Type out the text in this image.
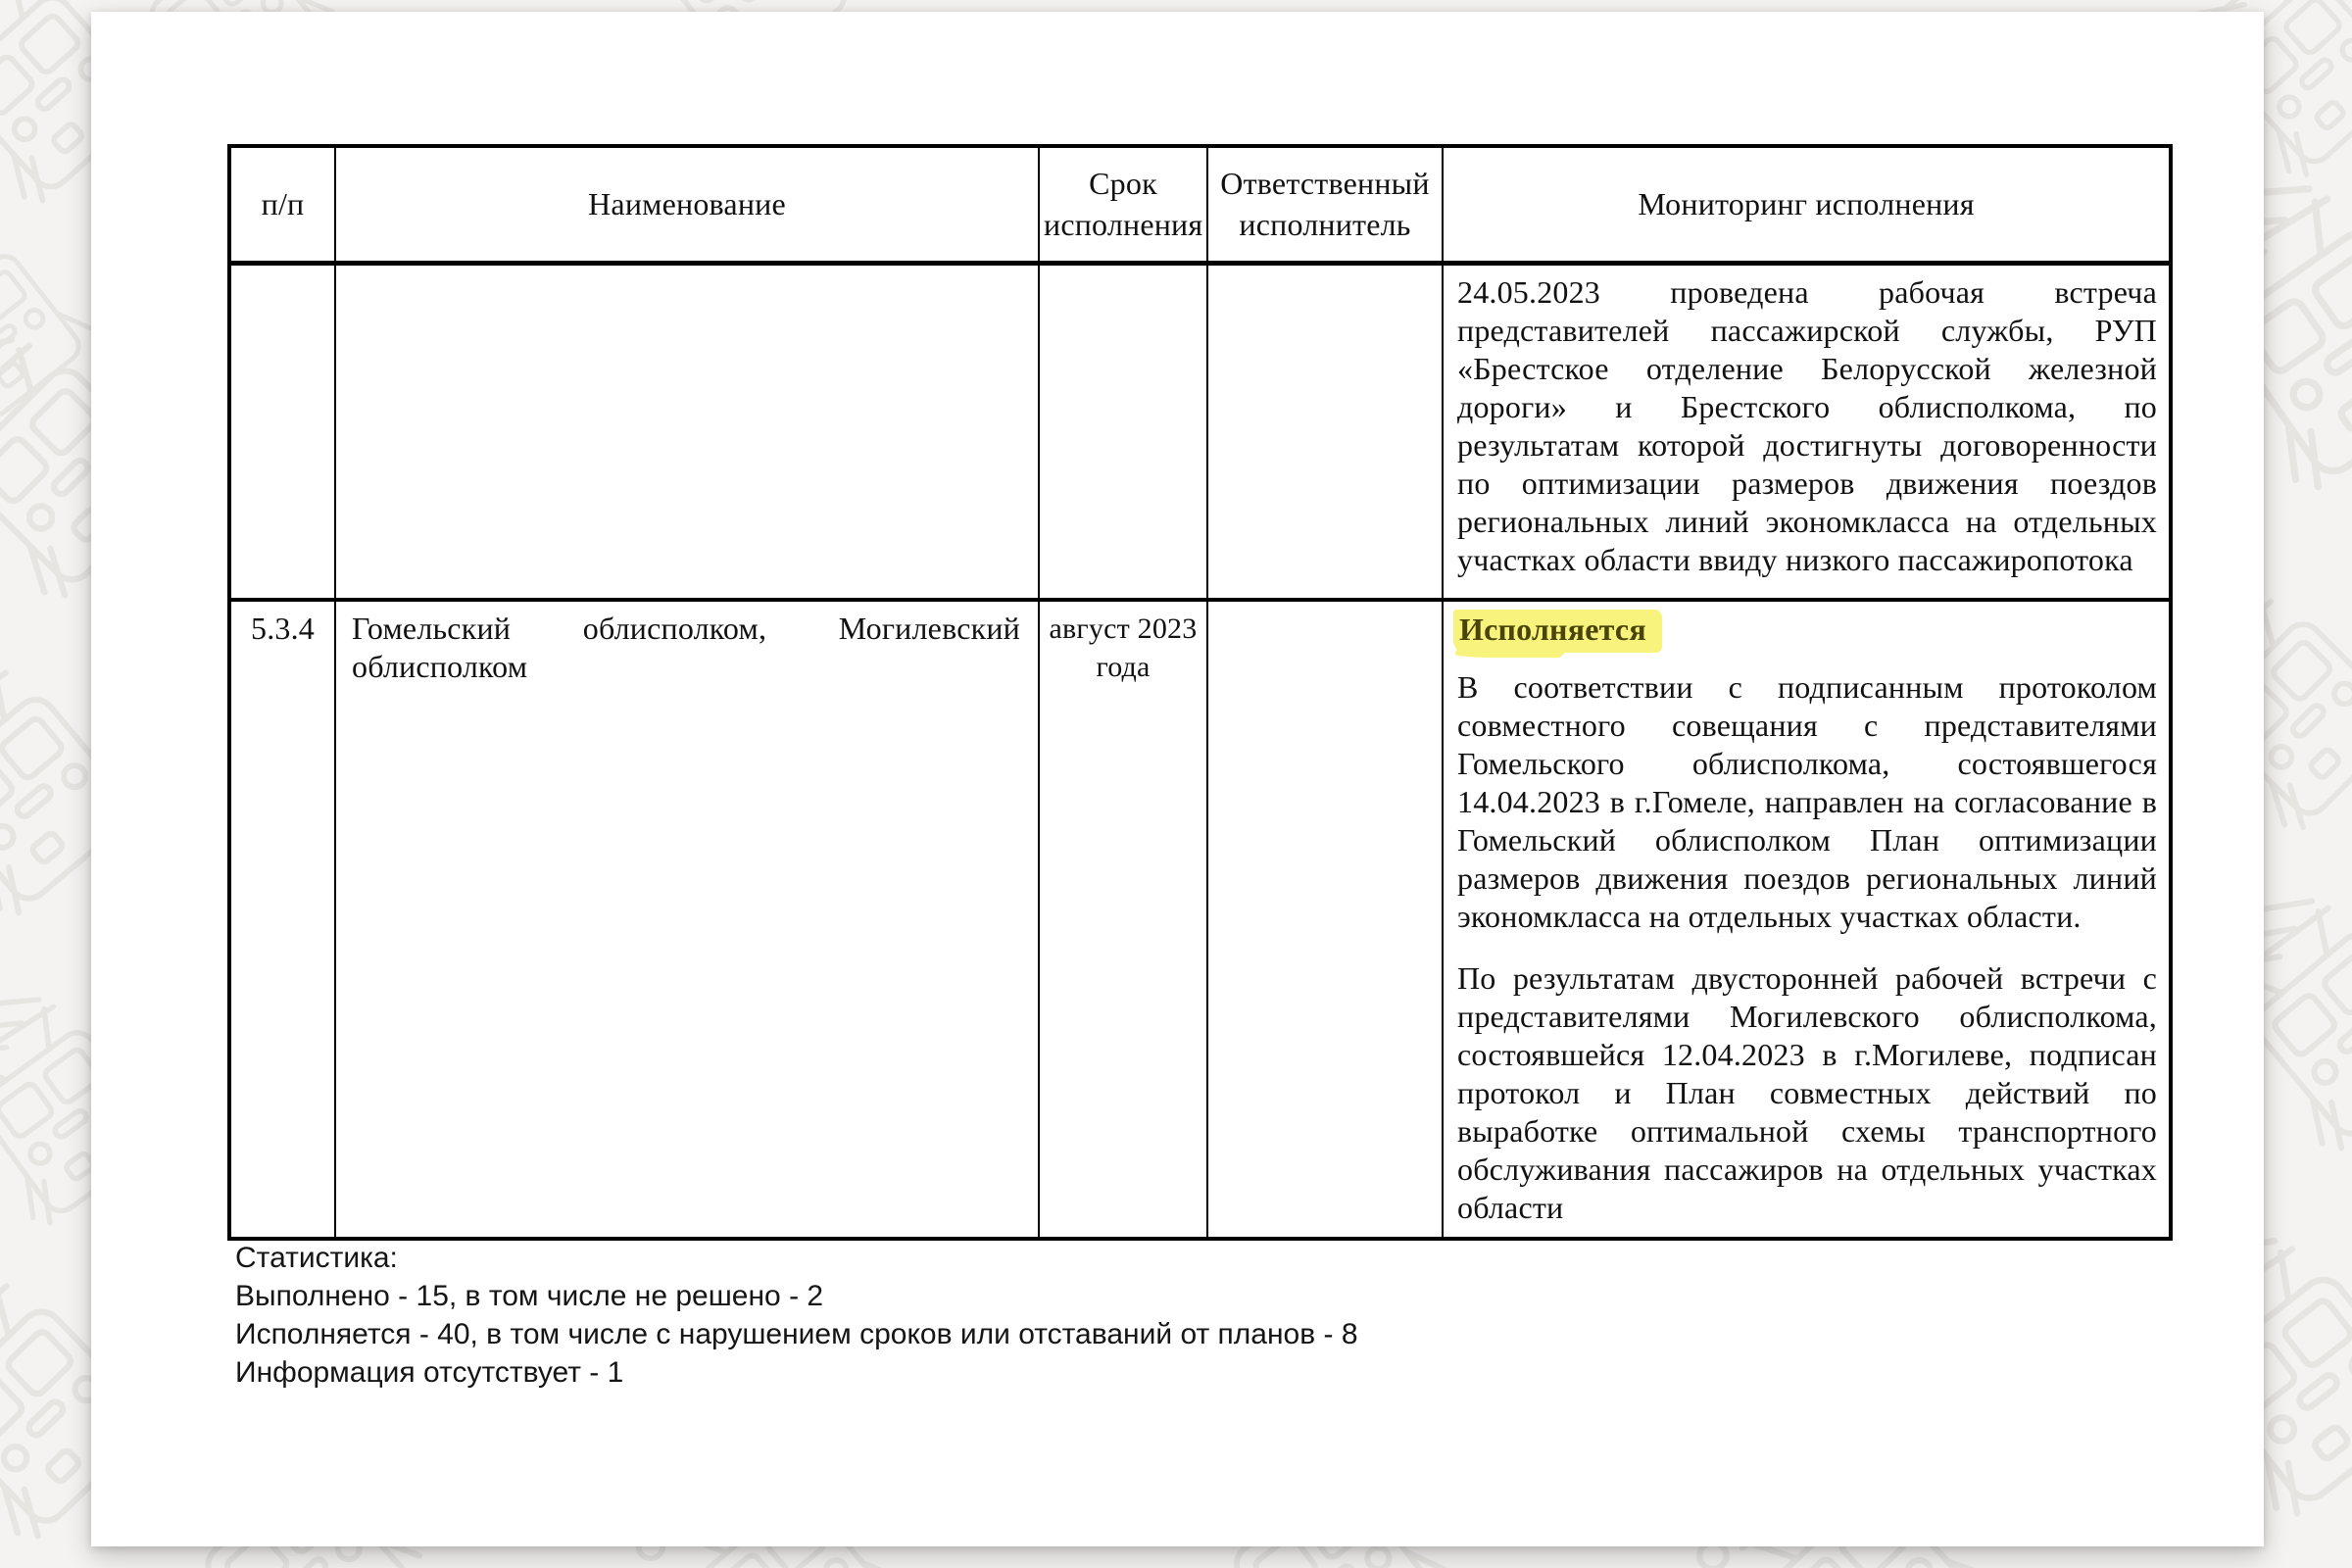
п/п	Наименование	Срок исполнения	Ответственный исполнитель	Мониторинг исполнения

				24.05.2023 проведена рабочая встреча представителей пассажирской службы, РУП «Брестское отделение Белорусской железной дороги» и Брестского облисполкома, по результатам которой достигнуты договоренности по оптимизации размеров движения поездов региональных линий экономкласса на отдельных участках области ввиду низкого пассажиропотока

5.3.4	Гомельский облисполком, Могилевский облисполком	август 2023 года		Исполняется

В соответствии с подписанным протоколом совместного совещания с представителями Гомельского облисполкома, состоявшегося 14.04.2023 в г.Гомеле, направлен на согласование в Гомельский облисполком План оптимизации размеров движения поездов региональных линий экономкласса на отдельных участках области.

По результатам двусторонней рабочей встречи с представителями Могилевского облисполкома, состоявшейся 12.04.2023 в г.Могилеве, подписан протокол и План совместных действий по выработке оптимальной схемы транспортного обслуживания пассажиров на отдельных участках области

Статистика:
Выполнено - 15, в том числе не решено - 2
Исполняется - 40, в том числе с нарушением сроков или отставаний от планов - 8
Информация отсутствует - 1
